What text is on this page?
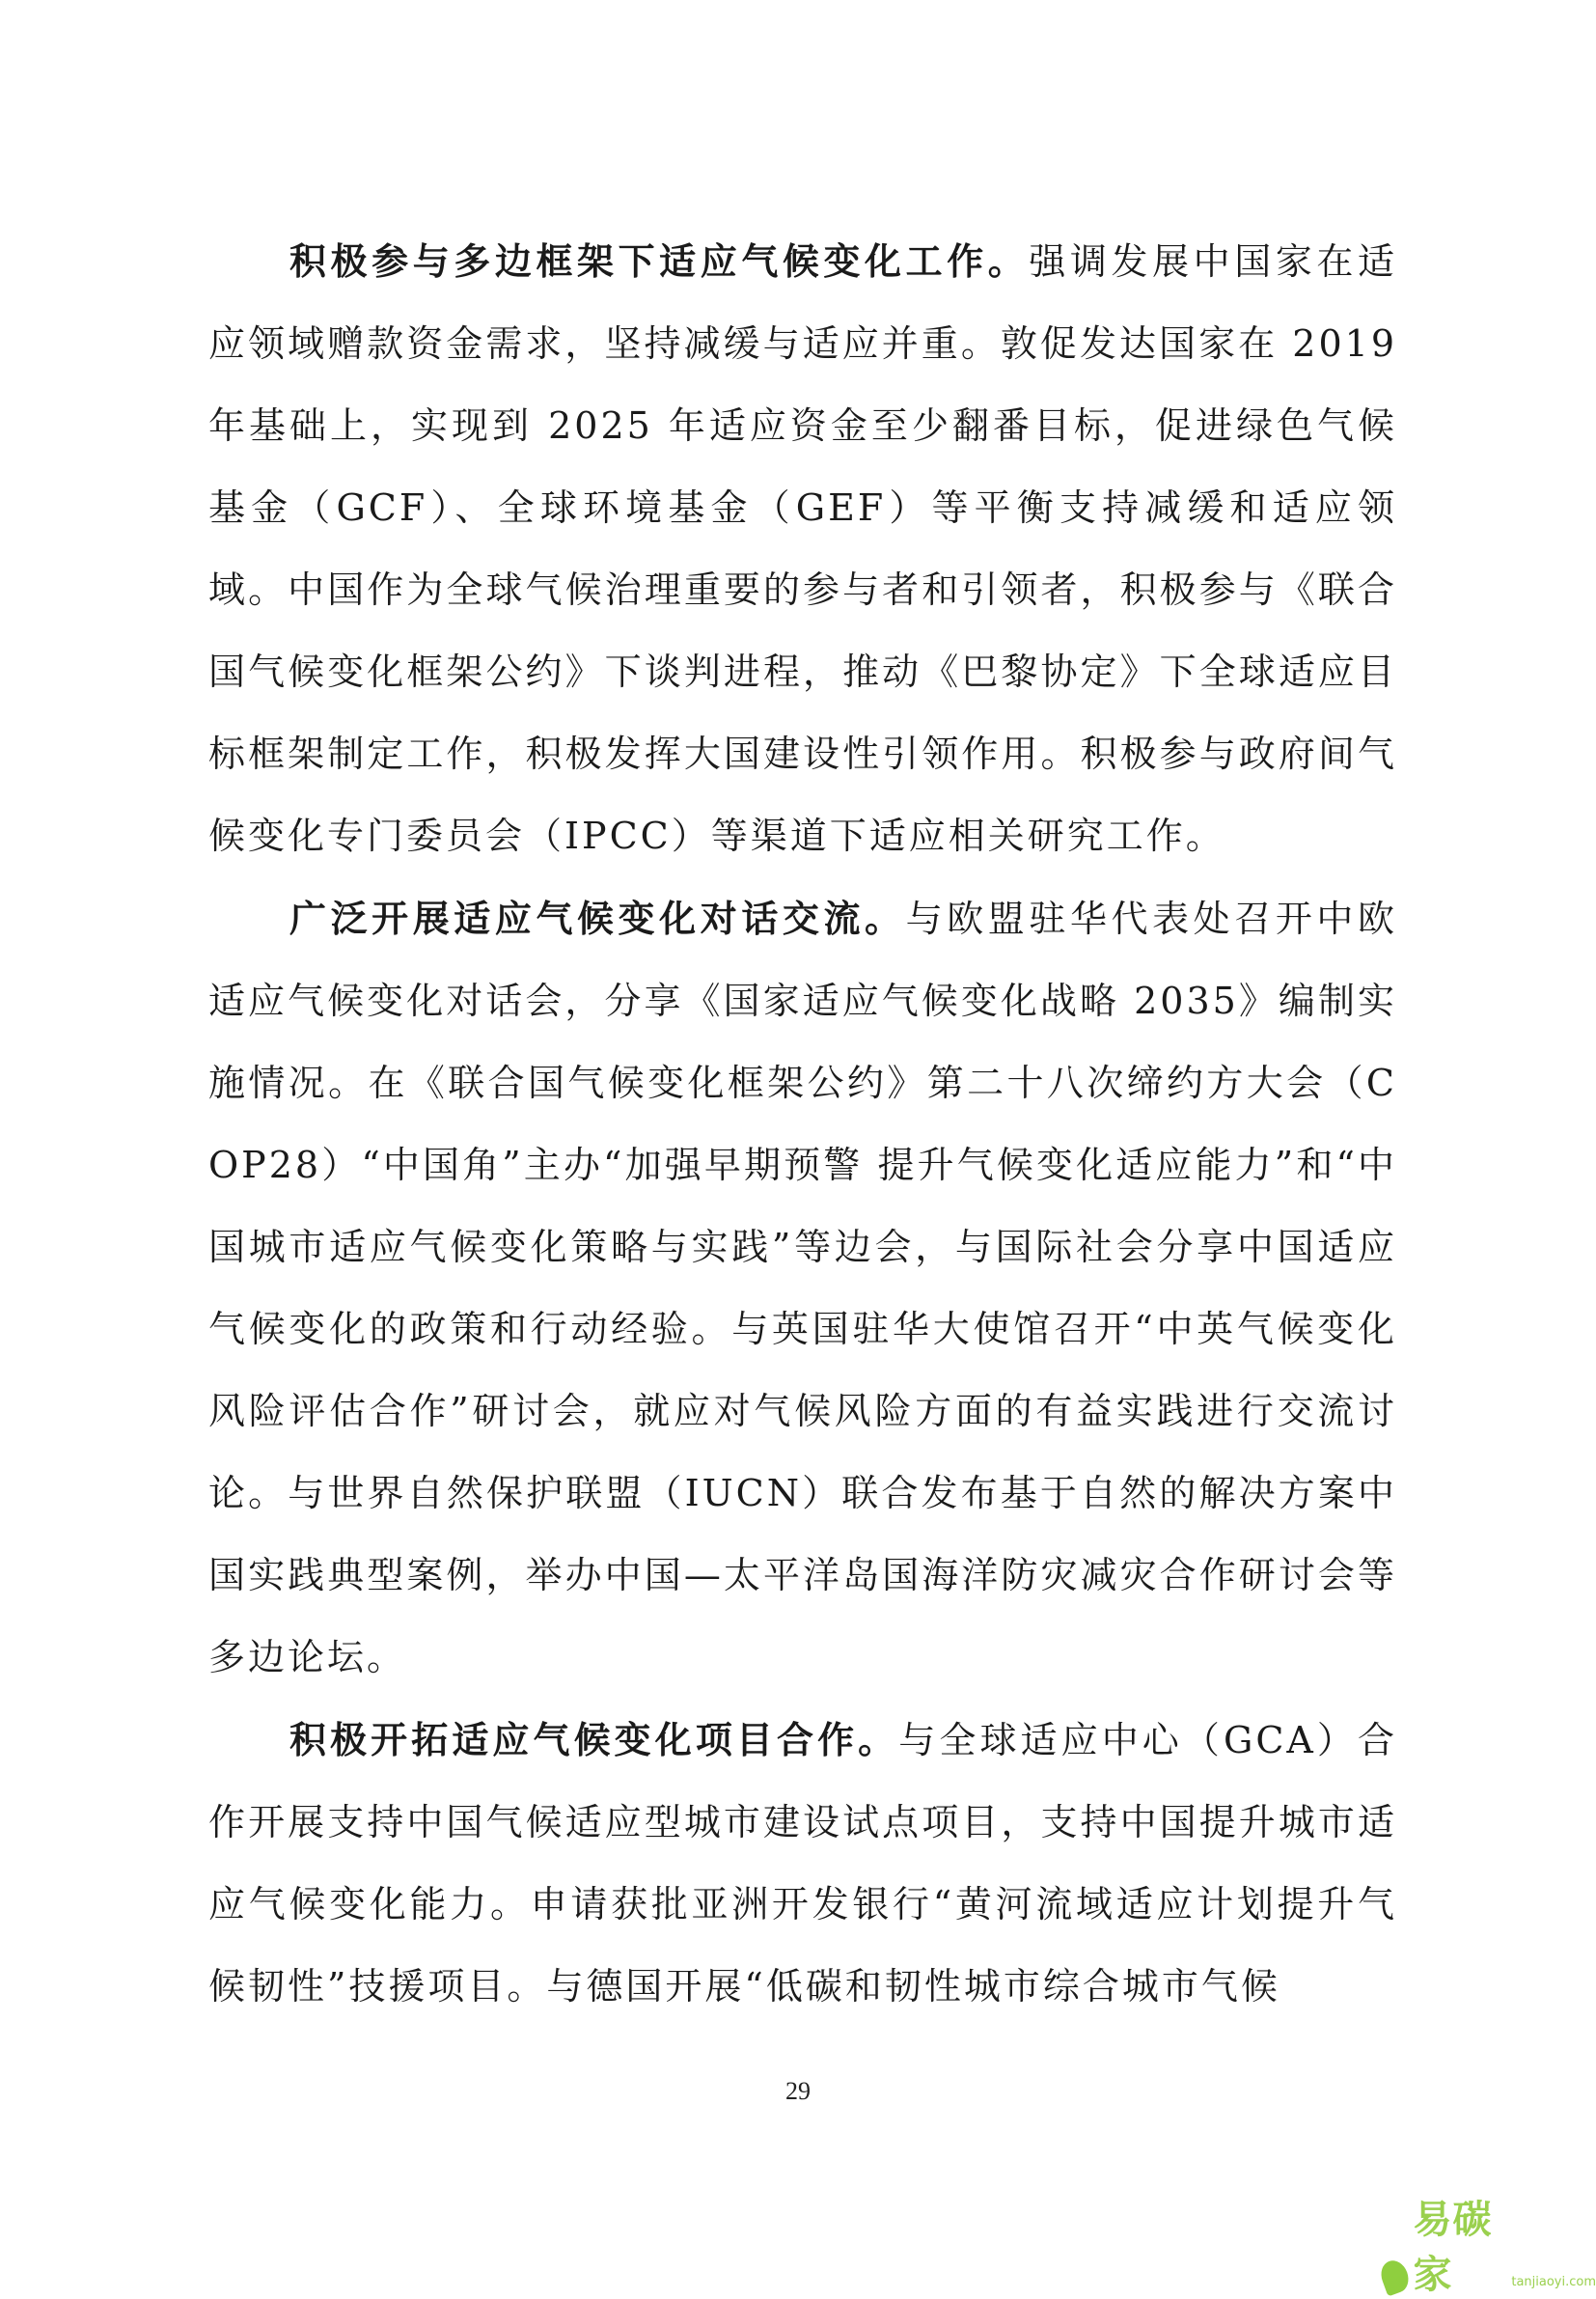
积极参与多边框架下适应气候变化工作。强调发展中国家在适应领域赠款资金需求，坚持减缓与适应并重。敦促发达国家在 2019 年基础上，实现到 2025 年适应资金至少翻番目标，促进绿色气候基金（GCF）、全球环境基金（GEF）等平衡支持减缓和适应领域。中国作为全球气候治理重要的参与者和引领者，积极参与《联合国气候变化框架公约》下谈判进程，推动《巴黎协定》下全球适应目标框架制定工作，积极发挥大国建设性引领作用。积极参与政府间气候变化专门委员会（IPCC）等渠道下适应相关研究工作。

广泛开展适应气候变化对话交流。与欧盟驻华代表处召开中欧适应气候变化对话会，分享《国家适应气候变化战略 2035》编制实施情况。在《联合国气候变化框架公约》第二十八次缔约方大会（COP28）“中国角”主办“加强早期预警 提升气候变化适应能力”和“中国城市适应气候变化策略与实践”等边会，与国际社会分享中国适应气候变化的政策和行动经验。与英国驻华大使馆召开“中英气候变化风险评估合作”研讨会，就应对气候风险方面的有益实践进行交流讨论。与世界自然保护联盟（IUCN）联合发布基于自然的解决方案中国实践典型案例，举办中国—太平洋岛国海洋防灾减灾合作研讨会等多边论坛。

积极开拓适应气候变化项目合作。与全球适应中心（GCA）合作开展支持中国气候适应型城市建设试点项目，支持中国提升城市适应气候变化能力。申请获批亚洲开发银行“黄河流域适应计划提升气候韧性”技援项目。与德国开展“低碳和韧性城市综合城市气候

29
易碳家	tanjiaoyi.com
